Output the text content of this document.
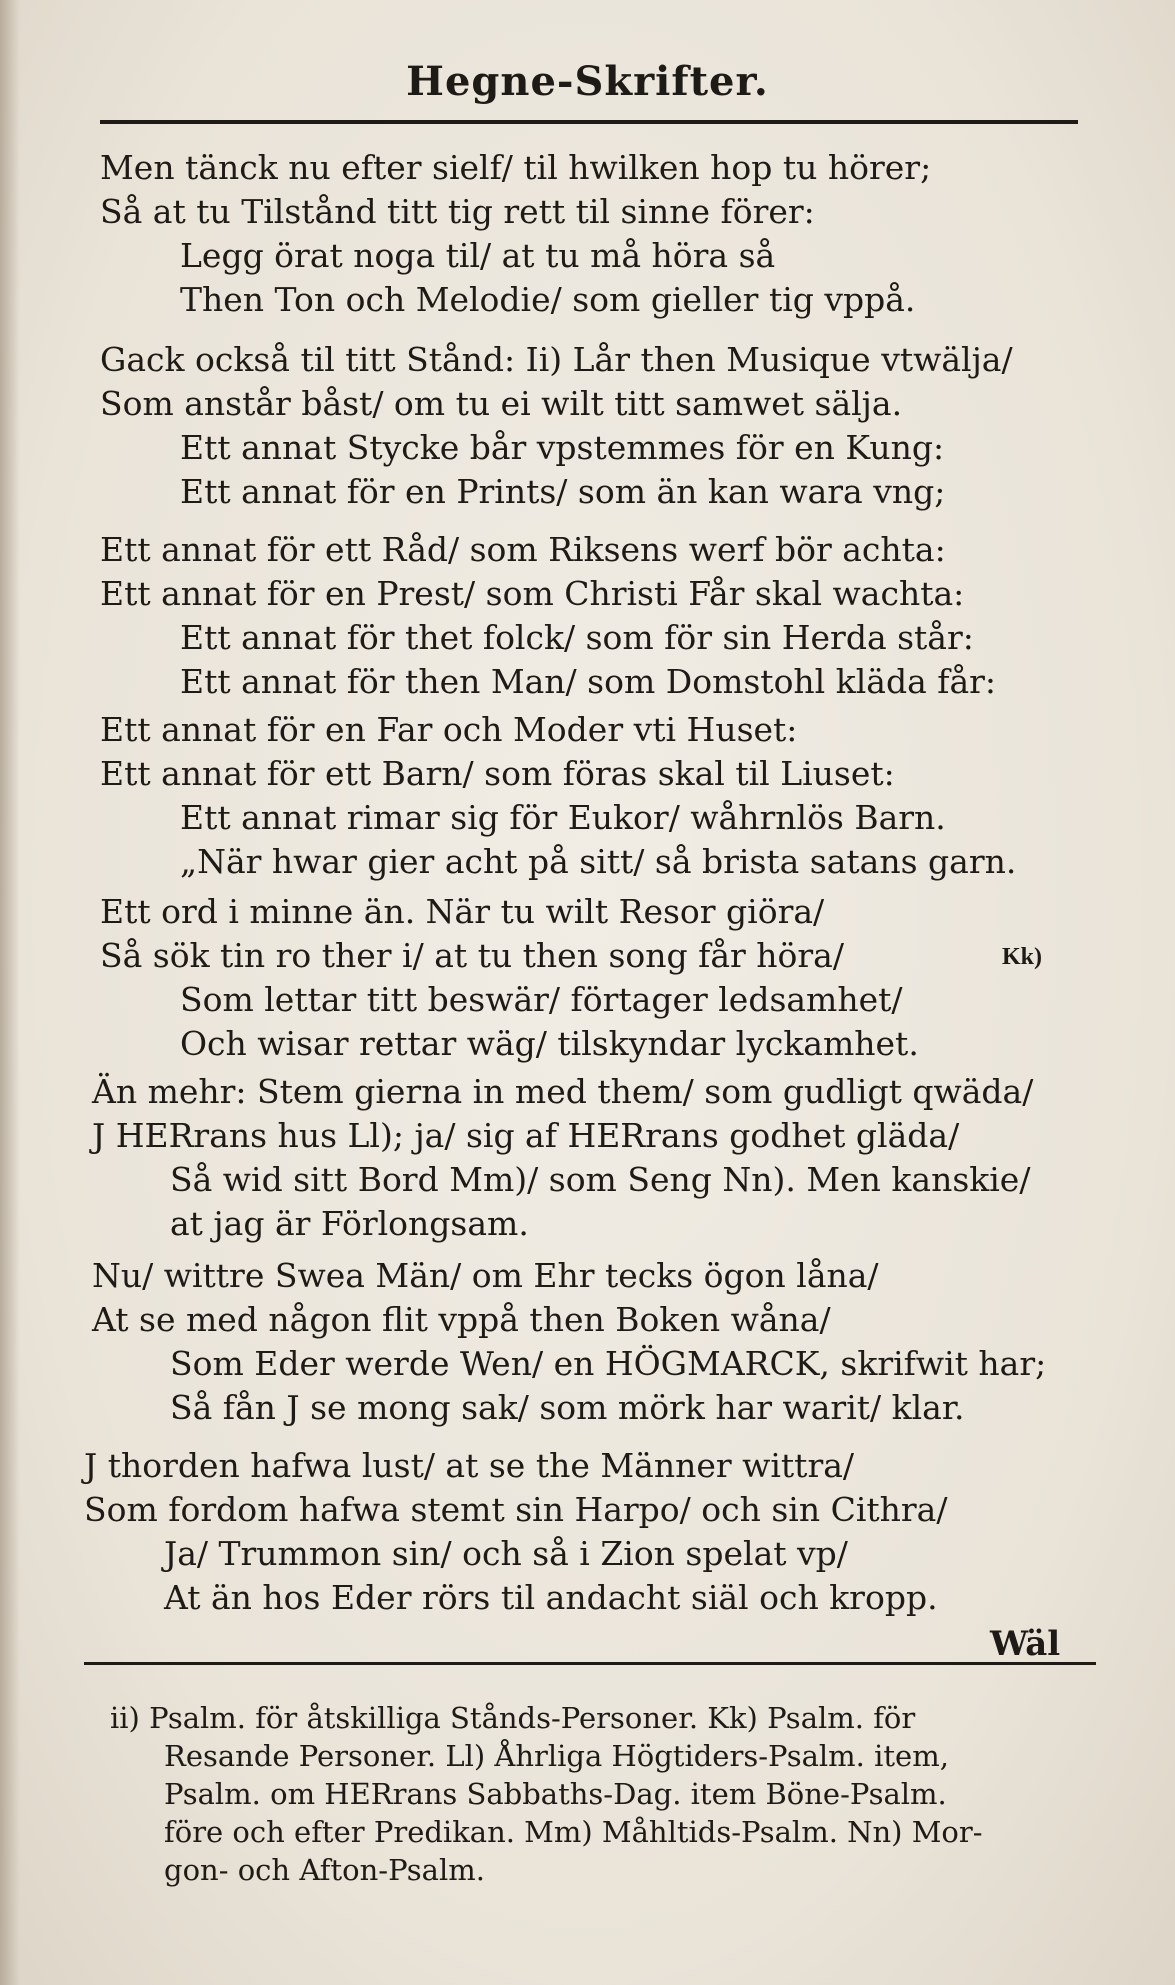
Hegne-Skrifter.
Men tänck nu efter sielf/ til hwilken hop tu hörer;
Så at tu Tilstånd titt tig rett til sinne förer:
Legg örat noga til/ at tu må höra så
Then Ton och Melodie/ som gieller tig vppå.
Gack också til titt Stånd: Ii) Lår then Musique vtwälja/
Som anstår båst/ om tu ei wilt titt samwet sälja.
Ett annat Stycke bår vpstemmes för en Kung:
Ett annat för en Prints/ som än kan wara vng;
Ett annat för ett Råd/ som Riksens werf bör achta:
Ett annat för en Prest/ som Christi Får skal wachta:
Ett annat för thet folck/ som för sin Herda står:
Ett annat för then Man/ som Domstohl kläda får:
Ett annat för en Far och Moder vti Huset:
Ett annat för ett Barn/ som föras skal til Liuset:
Ett annat rimar sig för Eukor/ wåhrnlös Barn.
„När hwar gier acht på sitt/ så brista satans garn.
Ett ord i minne än. När tu wilt Resor giöra/
Så sök tin ro ther i/ at tu then song får höra/	Kk)
Som lettar titt beswär/ förtager ledsamhet/
Och wisar rettar wäg/ tilskyndar lyckamhet.
Än mehr: Stem gierna in med them/ som gudligt qwäda/
J HERrans hus Ll); ja/ sig af HERrans godhet gläda/
Så wid sitt Bord Mm)/ som Seng Nn). Men kanskie/
at jag är Förlongsam.
Nu/ wittre Swea Män/ om Ehr tecks ögon låna/
At se med någon flit vppå then Boken wåna/
Som Eder werde Wen/ en HÖGMARCK, skrifwit har;
Så fån J se mong sak/ som mörk har warit/ klar.
J thorden hafwa lust/ at se the Männer wittra/
Som fordom hafwa stemt sin Harpo/ och sin Cithra/
Ja/ Trummon sin/ och så i Zion spelat vp/
At än hos Eder rörs til andacht siäl och kropp.
Wäl
ii) Psalm. för åtskilliga Stånds-Personer. Kk) Psalm. för
Resande Personer. Ll) Åhrliga Högtiders-Psalm. item,
Psalm. om HERrans Sabbaths-Dag. item Böne-Psalm.
före och efter Predikan. Mm) Måhltids-Psalm. Nn) Mor-
gon- och Afton-Psalm.
